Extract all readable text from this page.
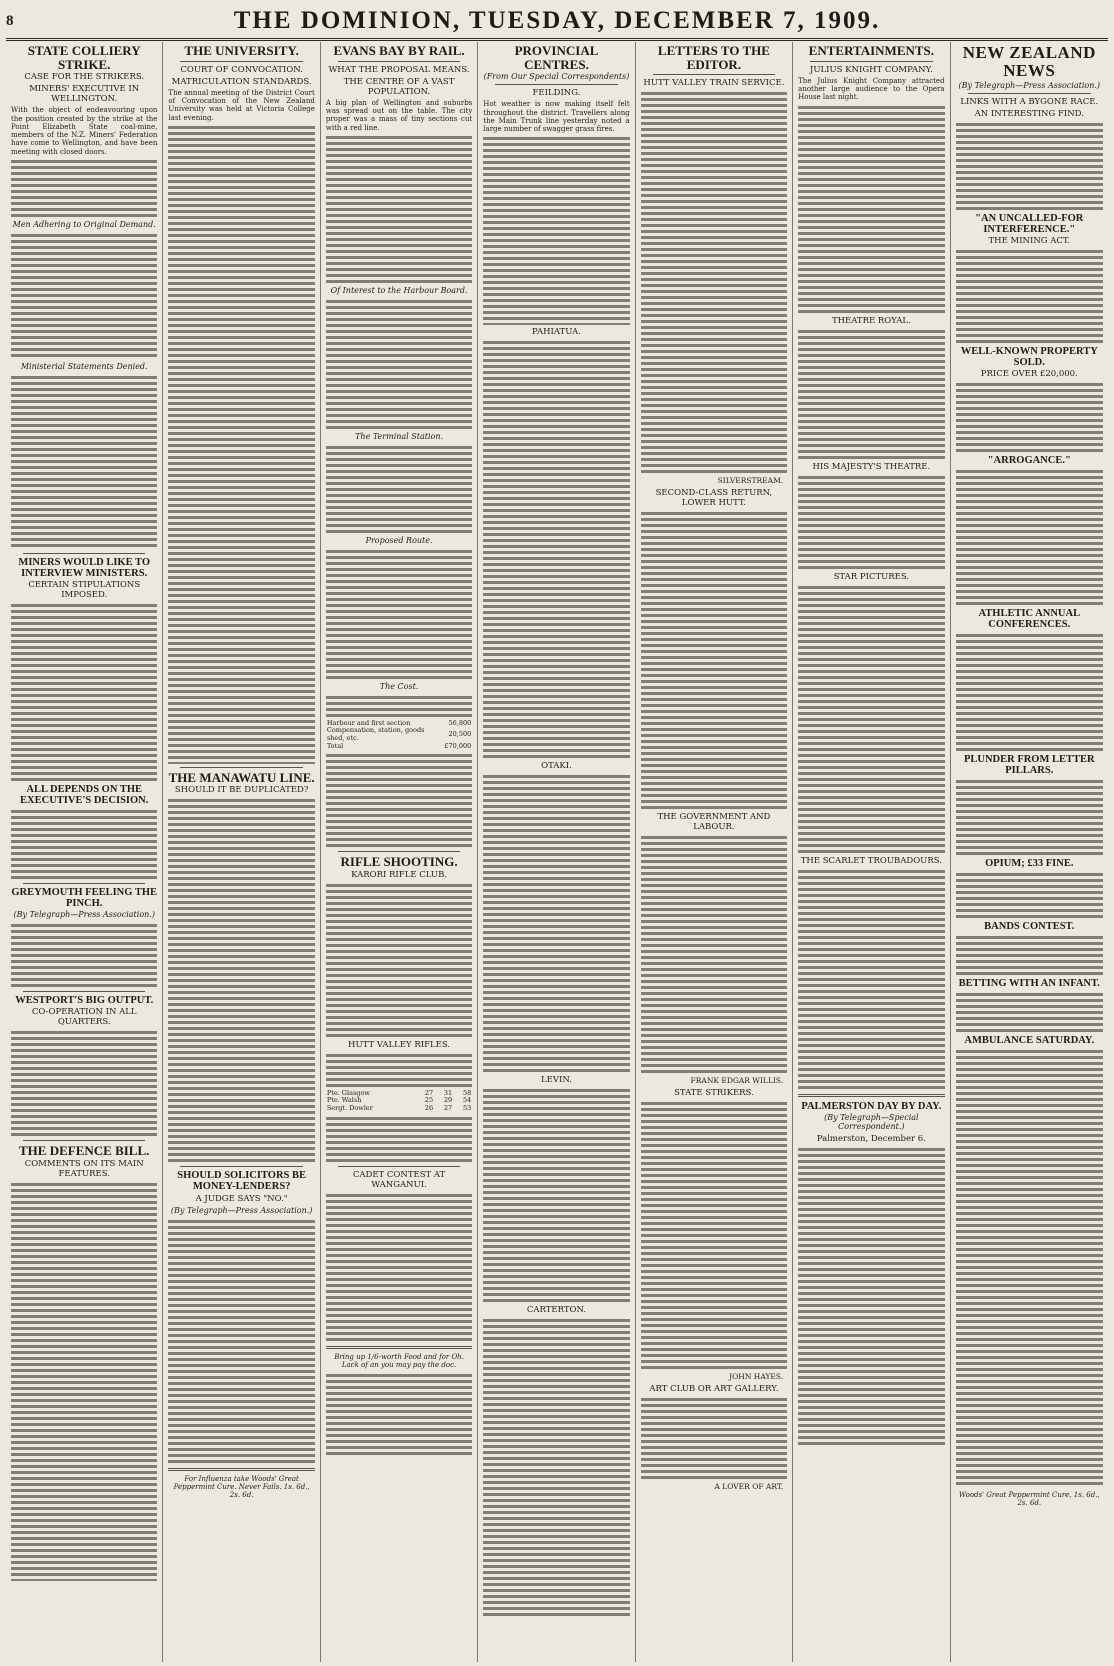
8	THE DOMINION, TUESDAY, DECEMBER 7, 1909.
STATE COLLIERY STRIKE.
CASE FOR THE STRIKERS.
MINERS' EXECUTIVE IN WELLINGTON.
With the object of endeavouring upon the position created by the strike at the Point Elizabeth State coal-mine, members of the N.Z. Miners' Federation have come to Wellington, and have been meeting with closed doors.
Men Adhering to Original Demand.
Ministerial Statements Denied.
MINERS WOULD LIKE TO INTERVIEW MINISTERS.
CERTAIN STIPULATIONS IMPOSED.
ALL DEPENDS ON THE EXECUTIVE'S DECISION.
GREYMOUTH FEELING THE PINCH.
(By Telegraph—Press Association.)
WESTPORT'S BIG OUTPUT.
CO-OPERATION IN ALL QUARTERS.
THE DEFENCE BILL.
COMMENTS ON ITS MAIN FEATURES.
THE UNIVERSITY.
COURT OF CONVOCATION.
MATRICULATION STANDARDS.
The annual meeting of the District Court of Convocation of the New Zealand University was held at Victoria College last evening.
THE MANAWATU LINE.
SHOULD IT BE DUPLICATED?
SHOULD SOLICITORS BE MONEY-LENDERS?
A JUDGE SAYS "NO."
(By Telegraph—Press Association.)
For Influenza take Woods' Great Peppermint Cure. Never Fails. 1s. 6d., 2s. 6d.
EVANS BAY BY RAIL.
WHAT THE PROPOSAL MEANS.
THE CENTRE OF A VAST POPULATION.
A big plan of Wellington and suburbs was spread out on the table. The city proper was a mass of tiny sections cut with a red line.
Of Interest to the Harbour Board.
The Terminal Station.
Proposed Route.
The Cost.
Harbour and first section	56,800
Compensation, station, goods shed, etc.	20,500
Total	£70,000
RIFLE SHOOTING.
KARORI RIFLE CLUB.
HUTT VALLEY RIFLES.
Pte. Glasgow	27	31	58
Pte. Walsh	25	29	54
Sergt. Dowler	26	27	53
CADET CONTEST AT WANGANUI.
Bring up 1/6-worth Food and for Oh. Lack of an you may pay the doc.
PROVINCIAL CENTRES.
(From Our Special Correspondents)
FEILDING.
Hot weather is now making itself felt throughout the district. Travellers along the Main Trunk line yesterday noted a large number of swagger grass fires.
PAHIATUA.
OTAKI.
LEVIN.
CARTERTON.
LETTERS TO THE EDITOR.
HUTT VALLEY TRAIN SERVICE.
SILVERSTREAM.
SECOND-CLASS RETURN, LOWER HUTT.
THE GOVERNMENT AND LABOUR.
FRANK EDGAR WILLIS.
STATE STRIKERS.
JOHN HAYES.
ART CLUB OR ART GALLERY.
A LOVER OF ART.
ENTERTAINMENTS.
JULIUS KNIGHT COMPANY.
The Julius Knight Company attracted another large audience to the Opera House last night.
THEATRE ROYAL.
HIS MAJESTY'S THEATRE.
STAR PICTURES.
THE SCARLET TROUBADOURS.
PALMERSTON DAY BY DAY.
(By Telegraph—Special Correspondent.)
Palmerston, December 6.
NEW ZEALAND NEWS
(By Telegraph—Press Association.)
LINKS WITH A BYGONE RACE.
AN INTERESTING FIND.
"AN UNCALLED-FOR INTERFERENCE."
THE MINING ACT.
WELL-KNOWN PROPERTY SOLD.
PRICE OVER £20,000.
"ARROGANCE."
ATHLETIC ANNUAL CONFERENCES.
PLUNDER FROM LETTER PILLARS.
OPIUM; £33 FINE.
BANDS CONTEST.
BETTING WITH AN INFANT.
AMBULANCE SATURDAY.
Woods' Great Peppermint Cure, 1s. 6d., 2s. 6d.
